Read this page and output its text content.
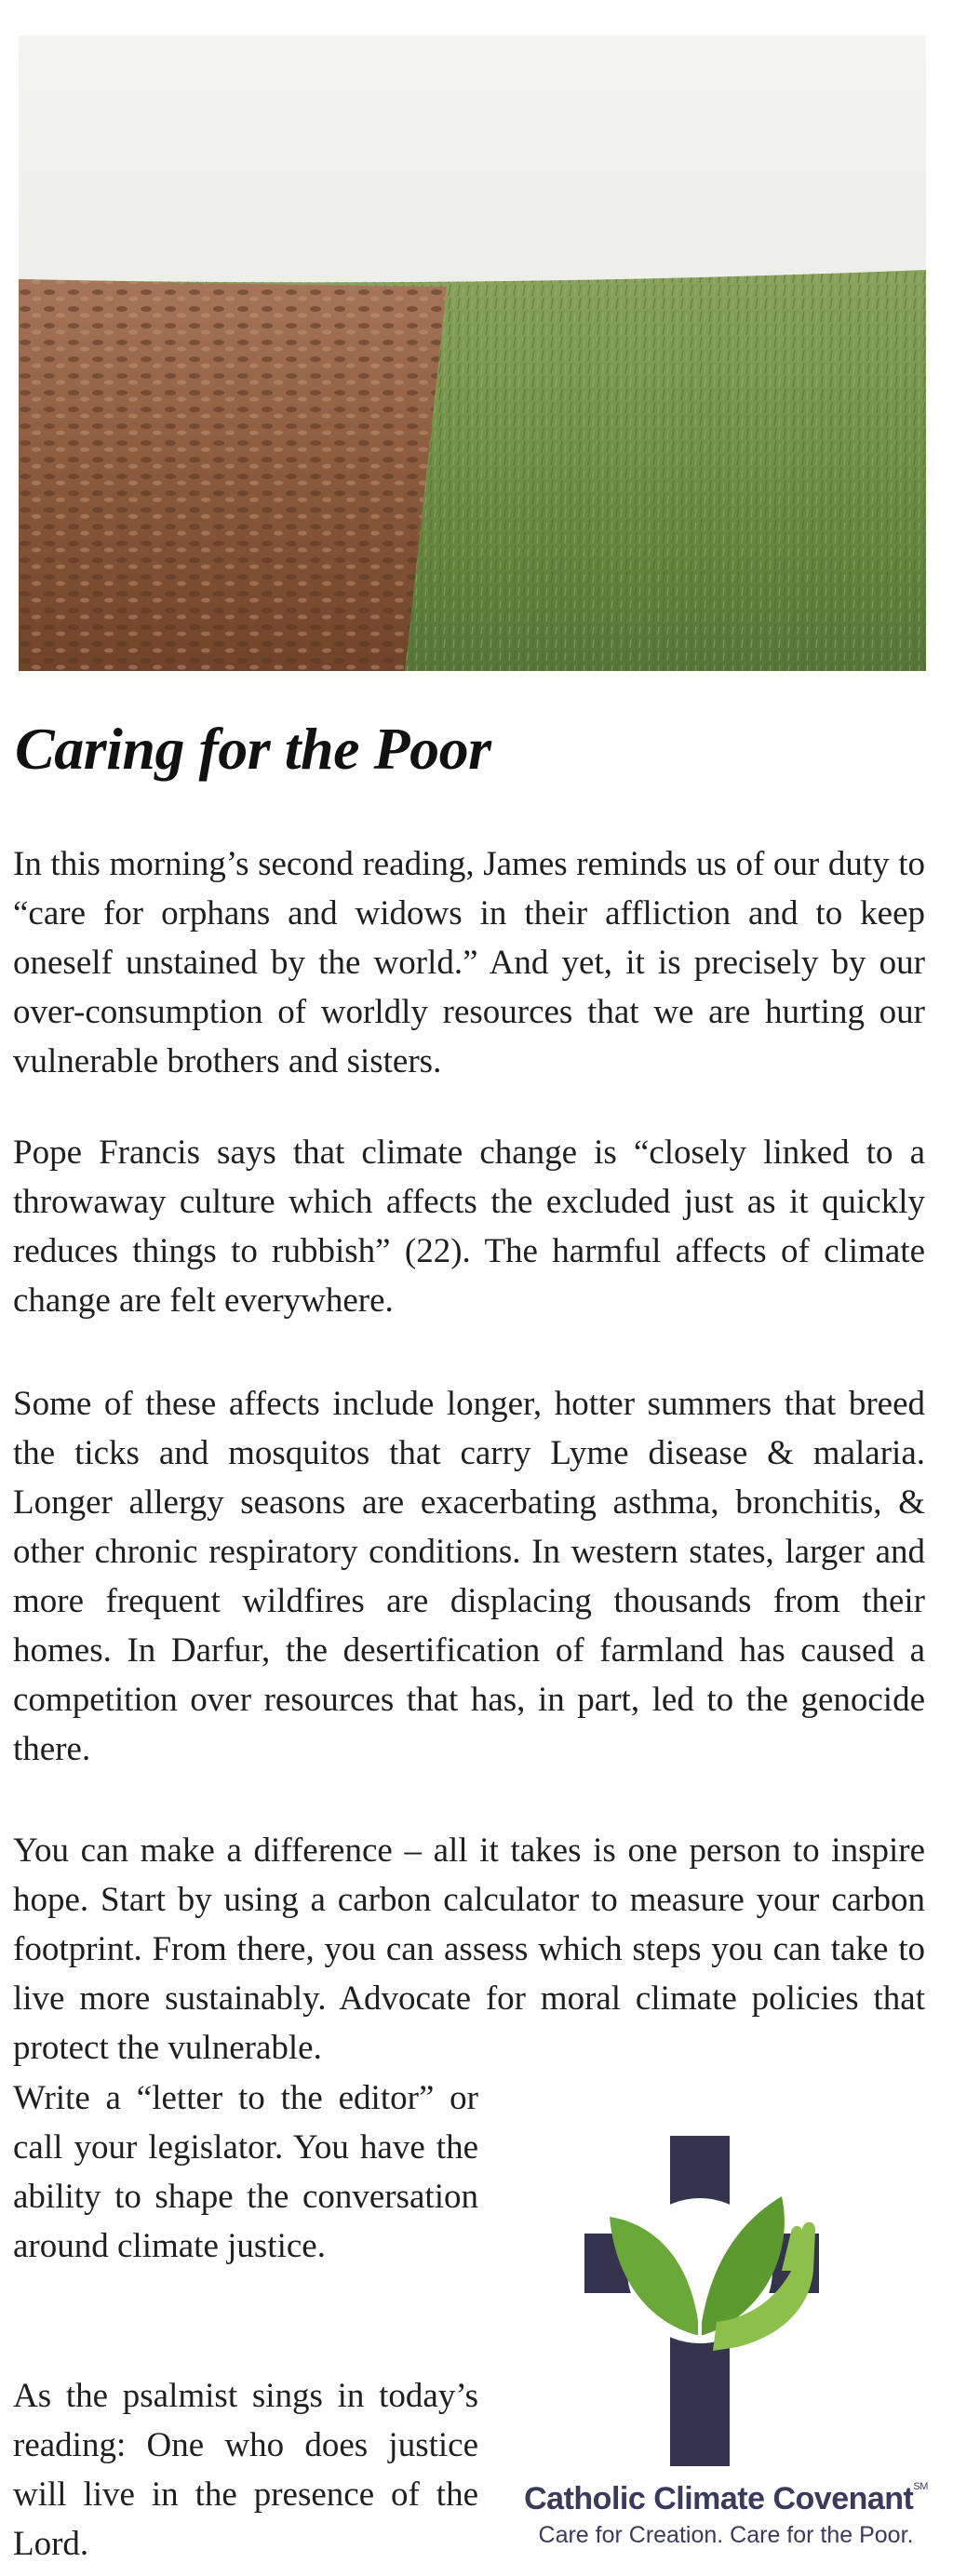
Caring for the Poor

In this morning’s second reading, James reminds us of our duty to “care for orphans and widows in their affliction and to keep oneself unstained by the world.” And yet, it is precisely by our over-consumption of worldly resources that we are hurting our vulnerable brothers and sisters.

Pope Francis says that climate change is “closely linked to a throwaway culture which affects the excluded just as it quickly reduces things to rubbish” (22). The harmful affects of climate change are felt everywhere.

Some of these affects include longer, hotter summers that breed the ticks and mosquitos that carry Lyme disease & malaria. Longer allergy seasons are exacerbating asthma, bronchitis, & other chronic respiratory conditions. In western states, larger and more frequent wildfires are displacing thousands from their homes. In Darfur, the desertification of farmland has caused a competition over resources that has, in part, led to the genocide there.

You can make a difference – all it takes is one person to inspire hope. Start by using a carbon calculator to measure your carbon footprint. From there, you can assess which steps you can take to live more sustainably. Advocate for moral climate policies that protect the vulnerable.

Write a “letter to the editor” or call your legislator. You have the ability to shape the conversation around climate justice.

As the psalmist sings in today’s reading: One who does justice will live in the presence of the Lord.

Catholic Climate Covenant℠
Care for Creation. Care for the Poor.
